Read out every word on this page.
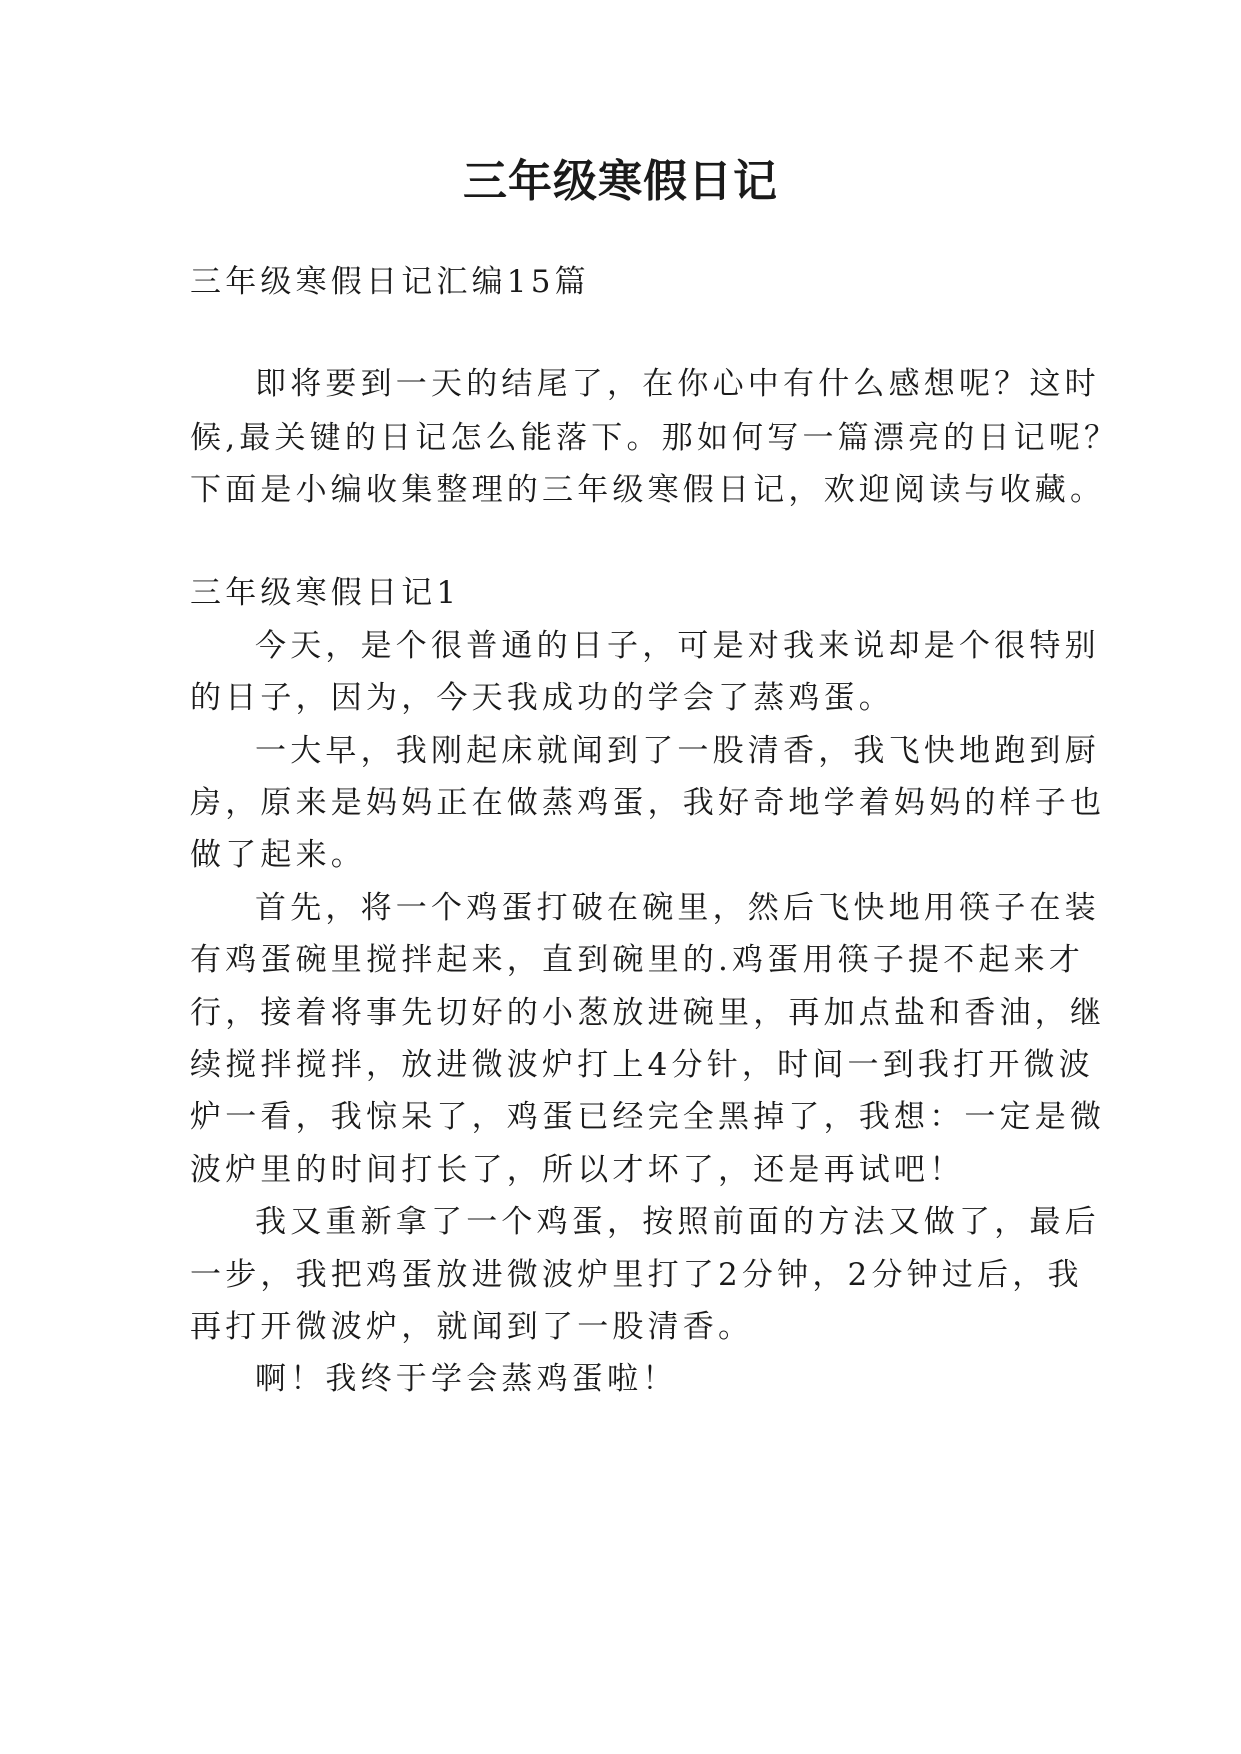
三年级寒假日记

三年级寒假日记汇编15篇

即将要到一天的结尾了，在你心中有什么感想呢？这时

候,最关键的日记怎么能落下。那如何写一篇漂亮的日记呢？

下面是小编收集整理的三年级寒假日记，欢迎阅读与收藏。

三年级寒假日记1

今天，是个很普通的日子，可是对我来说却是个很特别

的日子，因为，今天我成功的学会了蒸鸡蛋。

一大早，我刚起床就闻到了一股清香，我飞快地跑到厨

房，原来是妈妈正在做蒸鸡蛋，我好奇地学着妈妈的样子也

做了起来。

首先，将一个鸡蛋打破在碗里，然后飞快地用筷子在装

有鸡蛋碗里搅拌起来，直到碗里的.鸡蛋用筷子提不起来才

行，接着将事先切好的小葱放进碗里，再加点盐和香油，继

续搅拌搅拌，放进微波炉打上4分针，时间一到我打开微波

炉一看，我惊呆了，鸡蛋已经完全黑掉了，我想：一定是微

波炉里的时间打长了，所以才坏了，还是再试吧！

我又重新拿了一个鸡蛋，按照前面的方法又做了，最后

一步，我把鸡蛋放进微波炉里打了2分钟，2分钟过后，我

再打开微波炉，就闻到了一股清香。

啊！我终于学会蒸鸡蛋啦！
